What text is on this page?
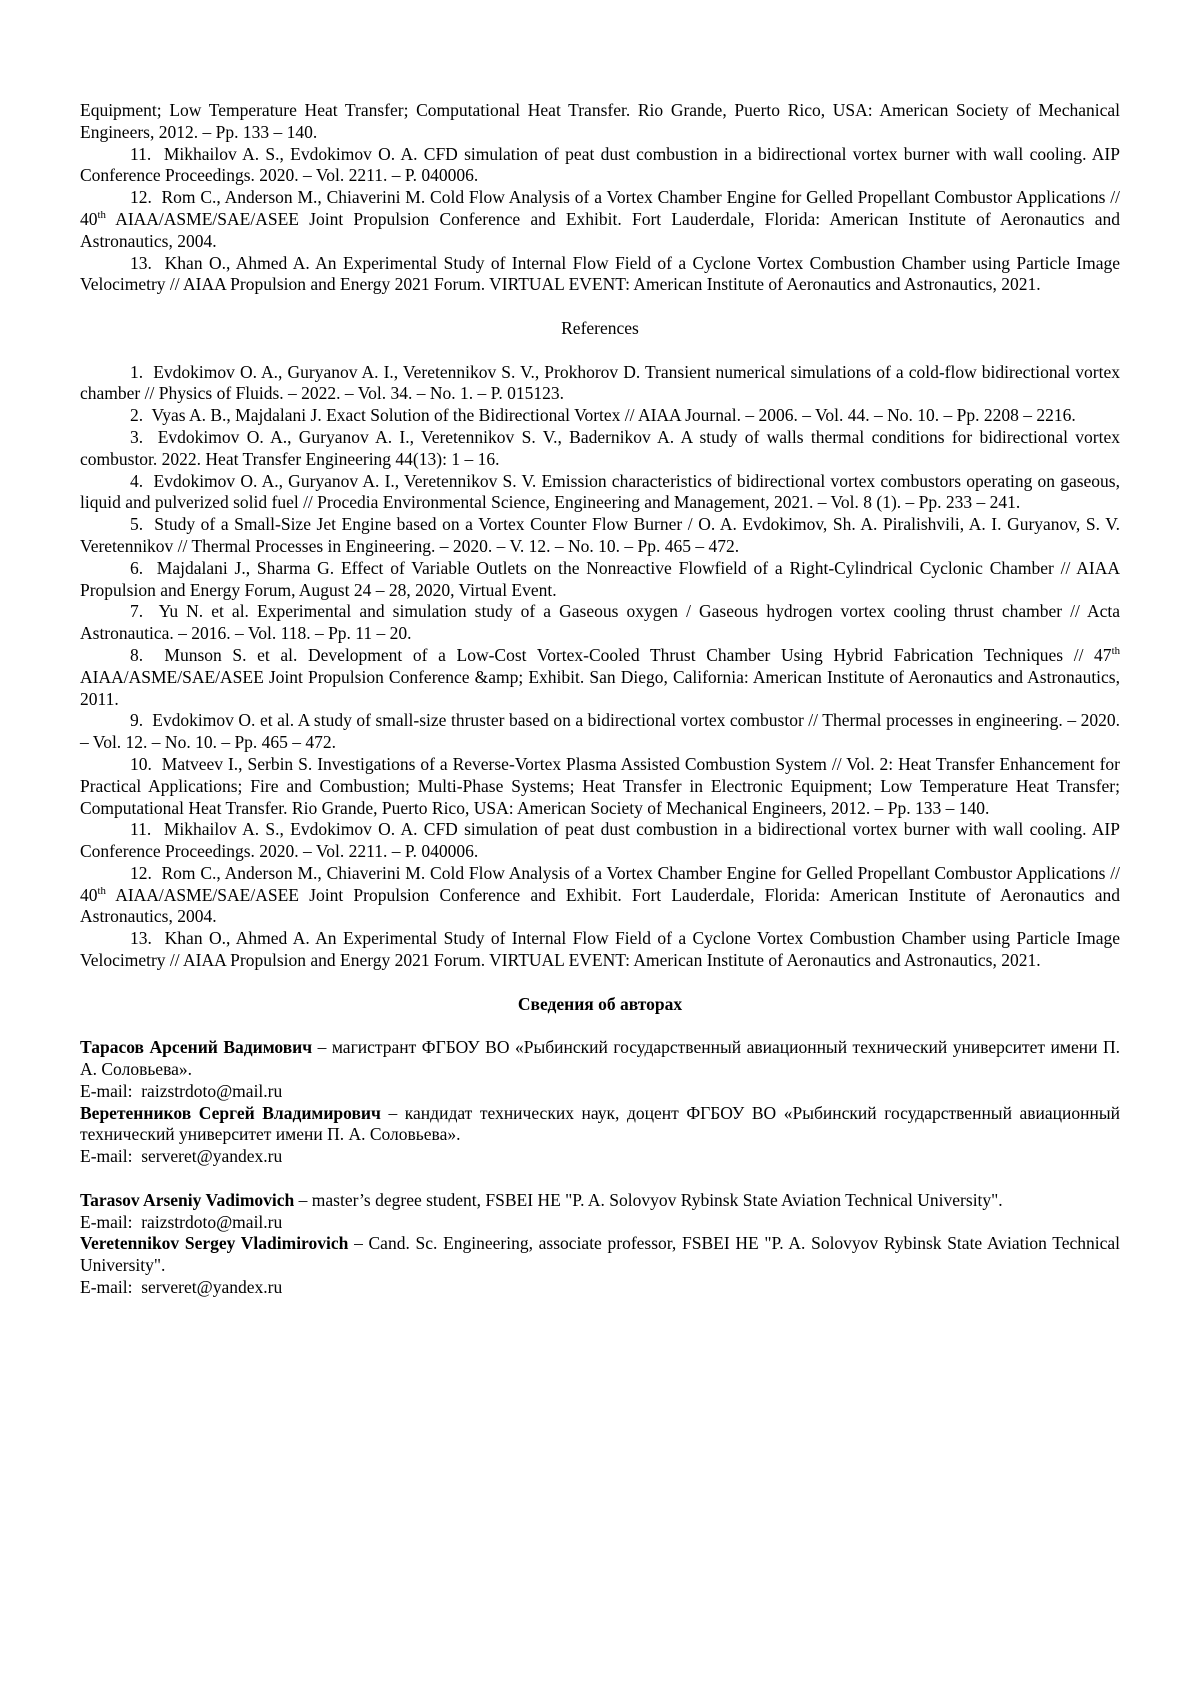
Equipment; Low Temperature Heat Transfer; Computational Heat Transfer. Rio Grande, Puerto Rico, USA: American Society of Mechanical Engineers, 2012. – Pp. 133 – 140.

11.  Mikhailov A. S., Evdokimov O. A. CFD simulation of peat dust combustion in a bidirectional vortex burner with wall cooling. AIP Conference Proceedings. 2020. – Vol. 2211. – P. 040006.

12.  Rom C., Anderson M., Chiaverini M. Cold Flow Analysis of a Vortex Chamber Engine for Gelled Propellant Combustor Applications // 40th AIAA/ASME/SAE/ASEE Joint Propulsion Conference and Exhibit. Fort Lauderdale, Florida: American Institute of Aeronautics and Astronautics, 2004.

13.  Khan O., Ahmed A. An Experimental Study of Internal Flow Field of a Cyclone Vortex Combustion Chamber using Particle Image Velocimetry // AIAA Propulsion and Energy 2021 Forum. VIRTUAL EVENT: American Institute of Aeronautics and Astronautics, 2021.

References

1.  Evdokimov O. A., Guryanov A. I., Veretennikov S. V., Prokhorov D. Transient numerical simulations of a cold-flow bidirectional vortex chamber // Physics of Fluids. – 2022. – Vol. 34. – No. 1. – P. 015123.

2.  Vyas A. B., Majdalani J. Exact Solution of the Bidirectional Vortex // AIAA Journal. – 2006. – Vol. 44. – No. 10. – Pp. 2208 – 2216.

3.  Evdokimov O. A., Guryanov A. I., Veretennikov S. V., Badernikov A. A study of walls thermal conditions for bidirectional vortex combustor. 2022. Heat Transfer Engineering 44(13): 1 – 16.

4.  Evdokimov O. A., Guryanov A. I., Veretennikov S. V. Emission characteristics of bidirectional vortex combustors operating on gaseous, liquid and pulverized solid fuel // Procedia Environmental Science, Engineering and Management, 2021. – Vol. 8 (1). – Pp. 233 – 241.

5.  Study of a Small-Size Jet Engine based on a Vortex Counter Flow Burner / O. A. Evdokimov, Sh. A. Piralishvili, A. I. Guryanov, S. V. Veretennikov // Thermal Processes in Engineering. – 2020. – V. 12. – No. 10. – Pp. 465 – 472.

6.  Majdalani J., Sharma G. Effect of Variable Outlets on the Nonreactive Flowfield of a Right-Cylindrical Cyclonic Chamber // AIAA Propulsion and Energy Forum, August 24 – 28, 2020, Virtual Event.

7.  Yu N. et al. Experimental and simulation study of a Gaseous oxygen / Gaseous hydrogen vortex cooling thrust chamber // Acta Astronautica. – 2016. – Vol. 118. – Pp. 11 – 20.

8.  Munson S. et al. Development of a Low-Cost Vortex-Cooled Thrust Chamber Using Hybrid Fabrication Techniques // 47th AIAA/ASME/SAE/ASEE Joint Propulsion Conference &amp; Exhibit. San Diego, California: American Institute of Aeronautics and Astronautics, 2011.

9.  Evdokimov O. et al. A study of small-size thruster based on a bidirectional vortex combustor // Thermal processes in engineering. – 2020. – Vol. 12. – No. 10. – Pp. 465 – 472.

10.  Matveev I., Serbin S. Investigations of a Reverse-Vortex Plasma Assisted Combustion System // Vol. 2: Heat Transfer Enhancement for Practical Applications; Fire and Combustion; Multi-Phase Systems; Heat Transfer in Electronic Equipment; Low Temperature Heat Transfer; Computational Heat Transfer. Rio Grande, Puerto Rico, USA: American Society of Mechanical Engineers, 2012. – Pp. 133 – 140.

11.  Mikhailov A. S., Evdokimov O. A. CFD simulation of peat dust combustion in a bidirectional vortex burner with wall cooling. AIP Conference Proceedings. 2020. – Vol. 2211. – P. 040006.

12.  Rom C., Anderson M., Chiaverini M. Cold Flow Analysis of a Vortex Chamber Engine for Gelled Propellant Combustor Applications // 40th AIAA/ASME/SAE/ASEE Joint Propulsion Conference and Exhibit. Fort Lauderdale, Florida: American Institute of Aeronautics and Astronautics, 2004.

13.  Khan O., Ahmed A. An Experimental Study of Internal Flow Field of a Cyclone Vortex Combustion Chamber using Particle Image Velocimetry // AIAA Propulsion and Energy 2021 Forum. VIRTUAL EVENT: American Institute of Aeronautics and Astronautics, 2021.

Сведения об авторах

Тарасов Арсений Вадимович – магистрант ФГБОУ ВО «Рыбинский государственный авиационный технический университет имени П. А. Соловьева».

E-mail:  raizstrdoto@mail.ru

Веретенников Сергей Владимирович – кандидат технических наук, доцент ФГБОУ ВО «Рыбинский государственный авиационный технический университет имени П. А. Соловьева».

E-mail:  serveret@yandex.ru

Tarasov Arseniy Vadimovich – master’s degree student, FSBEI HE "P. A. Solovyov Rybinsk State Aviation Technical University".

E-mail:  raizstrdoto@mail.ru

Veretennikov Sergey Vladimirovich – Cand. Sc. Engineering, associate professor, FSBEI HE "P. A. Solovyov Rybinsk State Aviation Technical University".

E-mail:  serveret@yandex.ru
